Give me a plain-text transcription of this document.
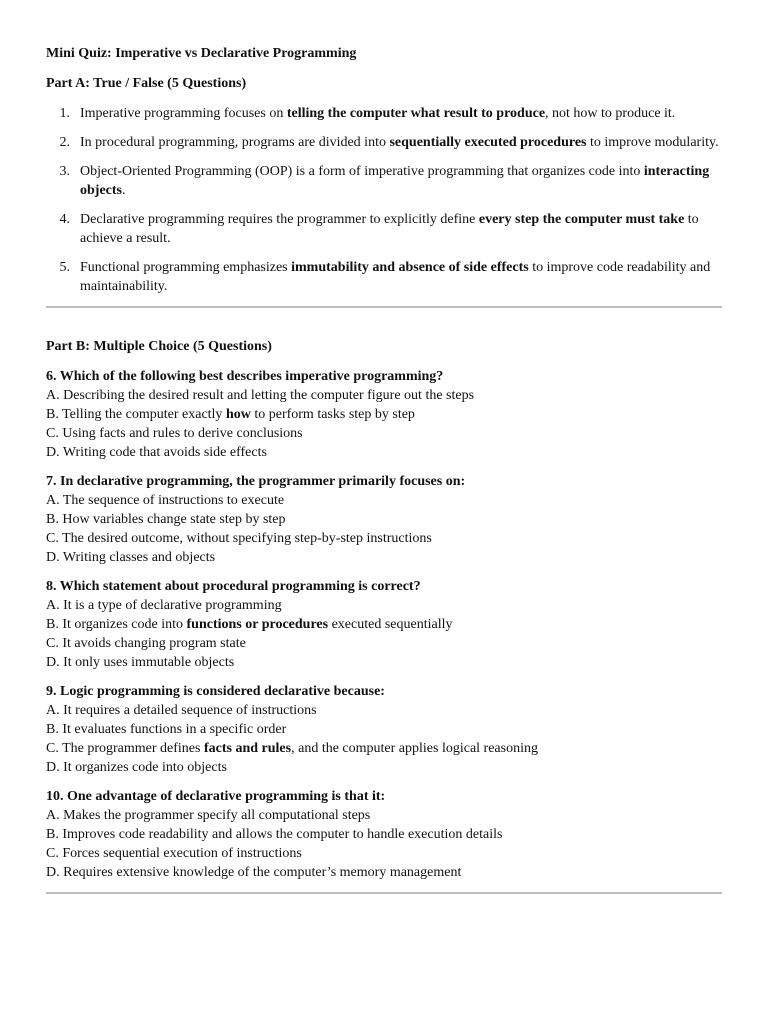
Mini Quiz: Imperative vs Declarative Programming
Part A: True / False (5 Questions)
1. Imperative programming focuses on telling the computer what result to produce, not how to produce it.
2. In procedural programming, programs are divided into sequentially executed procedures to improve modularity.
3. Object-Oriented Programming (OOP) is a form of imperative programming that organizes code into interacting objects.
4. Declarative programming requires the programmer to explicitly define every step the computer must take to achieve a result.
5. Functional programming emphasizes immutability and absence of side effects to improve code readability and maintainability.
Part B: Multiple Choice (5 Questions)
6. Which of the following best describes imperative programming?
A. Describing the desired result and letting the computer figure out the steps
B. Telling the computer exactly how to perform tasks step by step
C. Using facts and rules to derive conclusions
D. Writing code that avoids side effects
7. In declarative programming, the programmer primarily focuses on:
A. The sequence of instructions to execute
B. How variables change state step by step
C. The desired outcome, without specifying step-by-step instructions
D. Writing classes and objects
8. Which statement about procedural programming is correct?
A. It is a type of declarative programming
B. It organizes code into functions or procedures executed sequentially
C. It avoids changing program state
D. It only uses immutable objects
9. Logic programming is considered declarative because:
A. It requires a detailed sequence of instructions
B. It evaluates functions in a specific order
C. The programmer defines facts and rules, and the computer applies logical reasoning
D. It organizes code into objects
10. One advantage of declarative programming is that it:
A. Makes the programmer specify all computational steps
B. Improves code readability and allows the computer to handle execution details
C. Forces sequential execution of instructions
D. Requires extensive knowledge of the computer’s memory management
